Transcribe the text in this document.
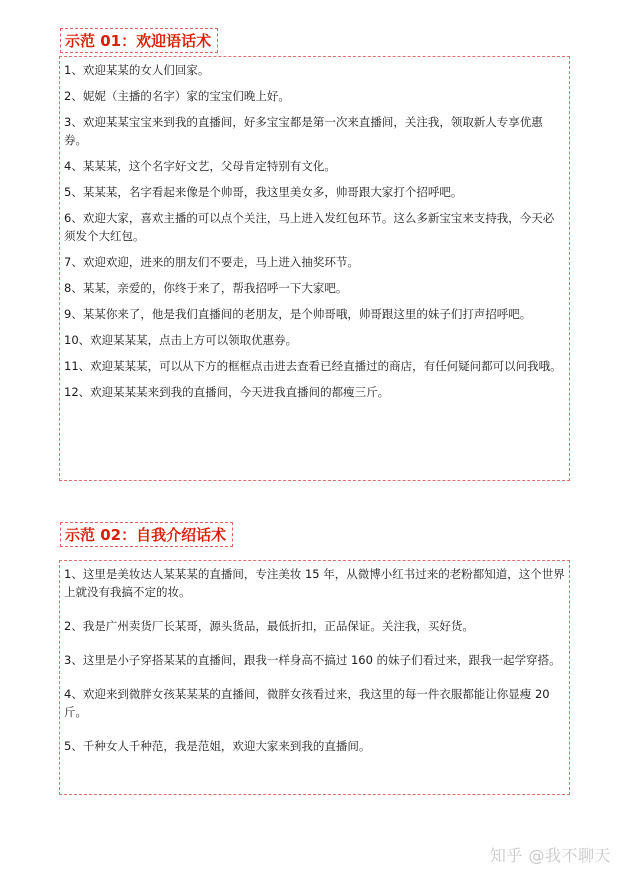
示范 01：欢迎语话术

1、欢迎某某的女人们回家。

2、妮妮（主播的名字）家的宝宝们晚上好。

3、欢迎某某宝宝来到我的直播间，好多宝宝都是第一次来直播间，关注我，领取新人专享优惠券。

4、某某某，这个名字好文艺，父母肯定特别有文化。

5、某某某，名字看起来像是个帅哥，我这里美女多，帅哥跟大家打个招呼吧。

6、欢迎大家，喜欢主播的可以点个关注，马上进入发红包环节。这么多新宝宝来支持我，今天必须发个大红包。

7、欢迎欢迎，进来的朋友们不要走，马上进入抽奖环节。

8、某某，亲爱的，你终于来了，帮我招呼一下大家吧。

9、某某你来了，他是我们直播间的老朋友，是个帅哥哦，帅哥跟这里的妹子们打声招呼吧。

10、欢迎某某某，点击上方可以领取优惠券。

11、欢迎某某某，可以从下方的框框点击进去查看已经直播过的商店，有任何疑问都可以问我哦。

12、欢迎某某某来到我的直播间，今天进我直播间的都瘦三斤。

示范 02：自我介绍话术

1、这里是美妆达人某某某的直播间，专注美妆 15 年，从微博小红书过来的老粉都知道，这个世界上就没有我搞不定的妆。

2、我是广州卖货厂长某哥，源头货品，最低折扣，正品保证。关注我，买好货。

3、这里是小子穿搭某某的直播间，跟我一样身高不搞过 160 的妹子们看过来，跟我一起学穿搭。

4、欢迎来到微胖女孩某某某的直播间，微胖女孩看过来，我这里的每一件衣服都能让你显瘦 20 斤。

5、千种女人千种范，我是范姐，欢迎大家来到我的直播间。

知乎 @我不聊天
